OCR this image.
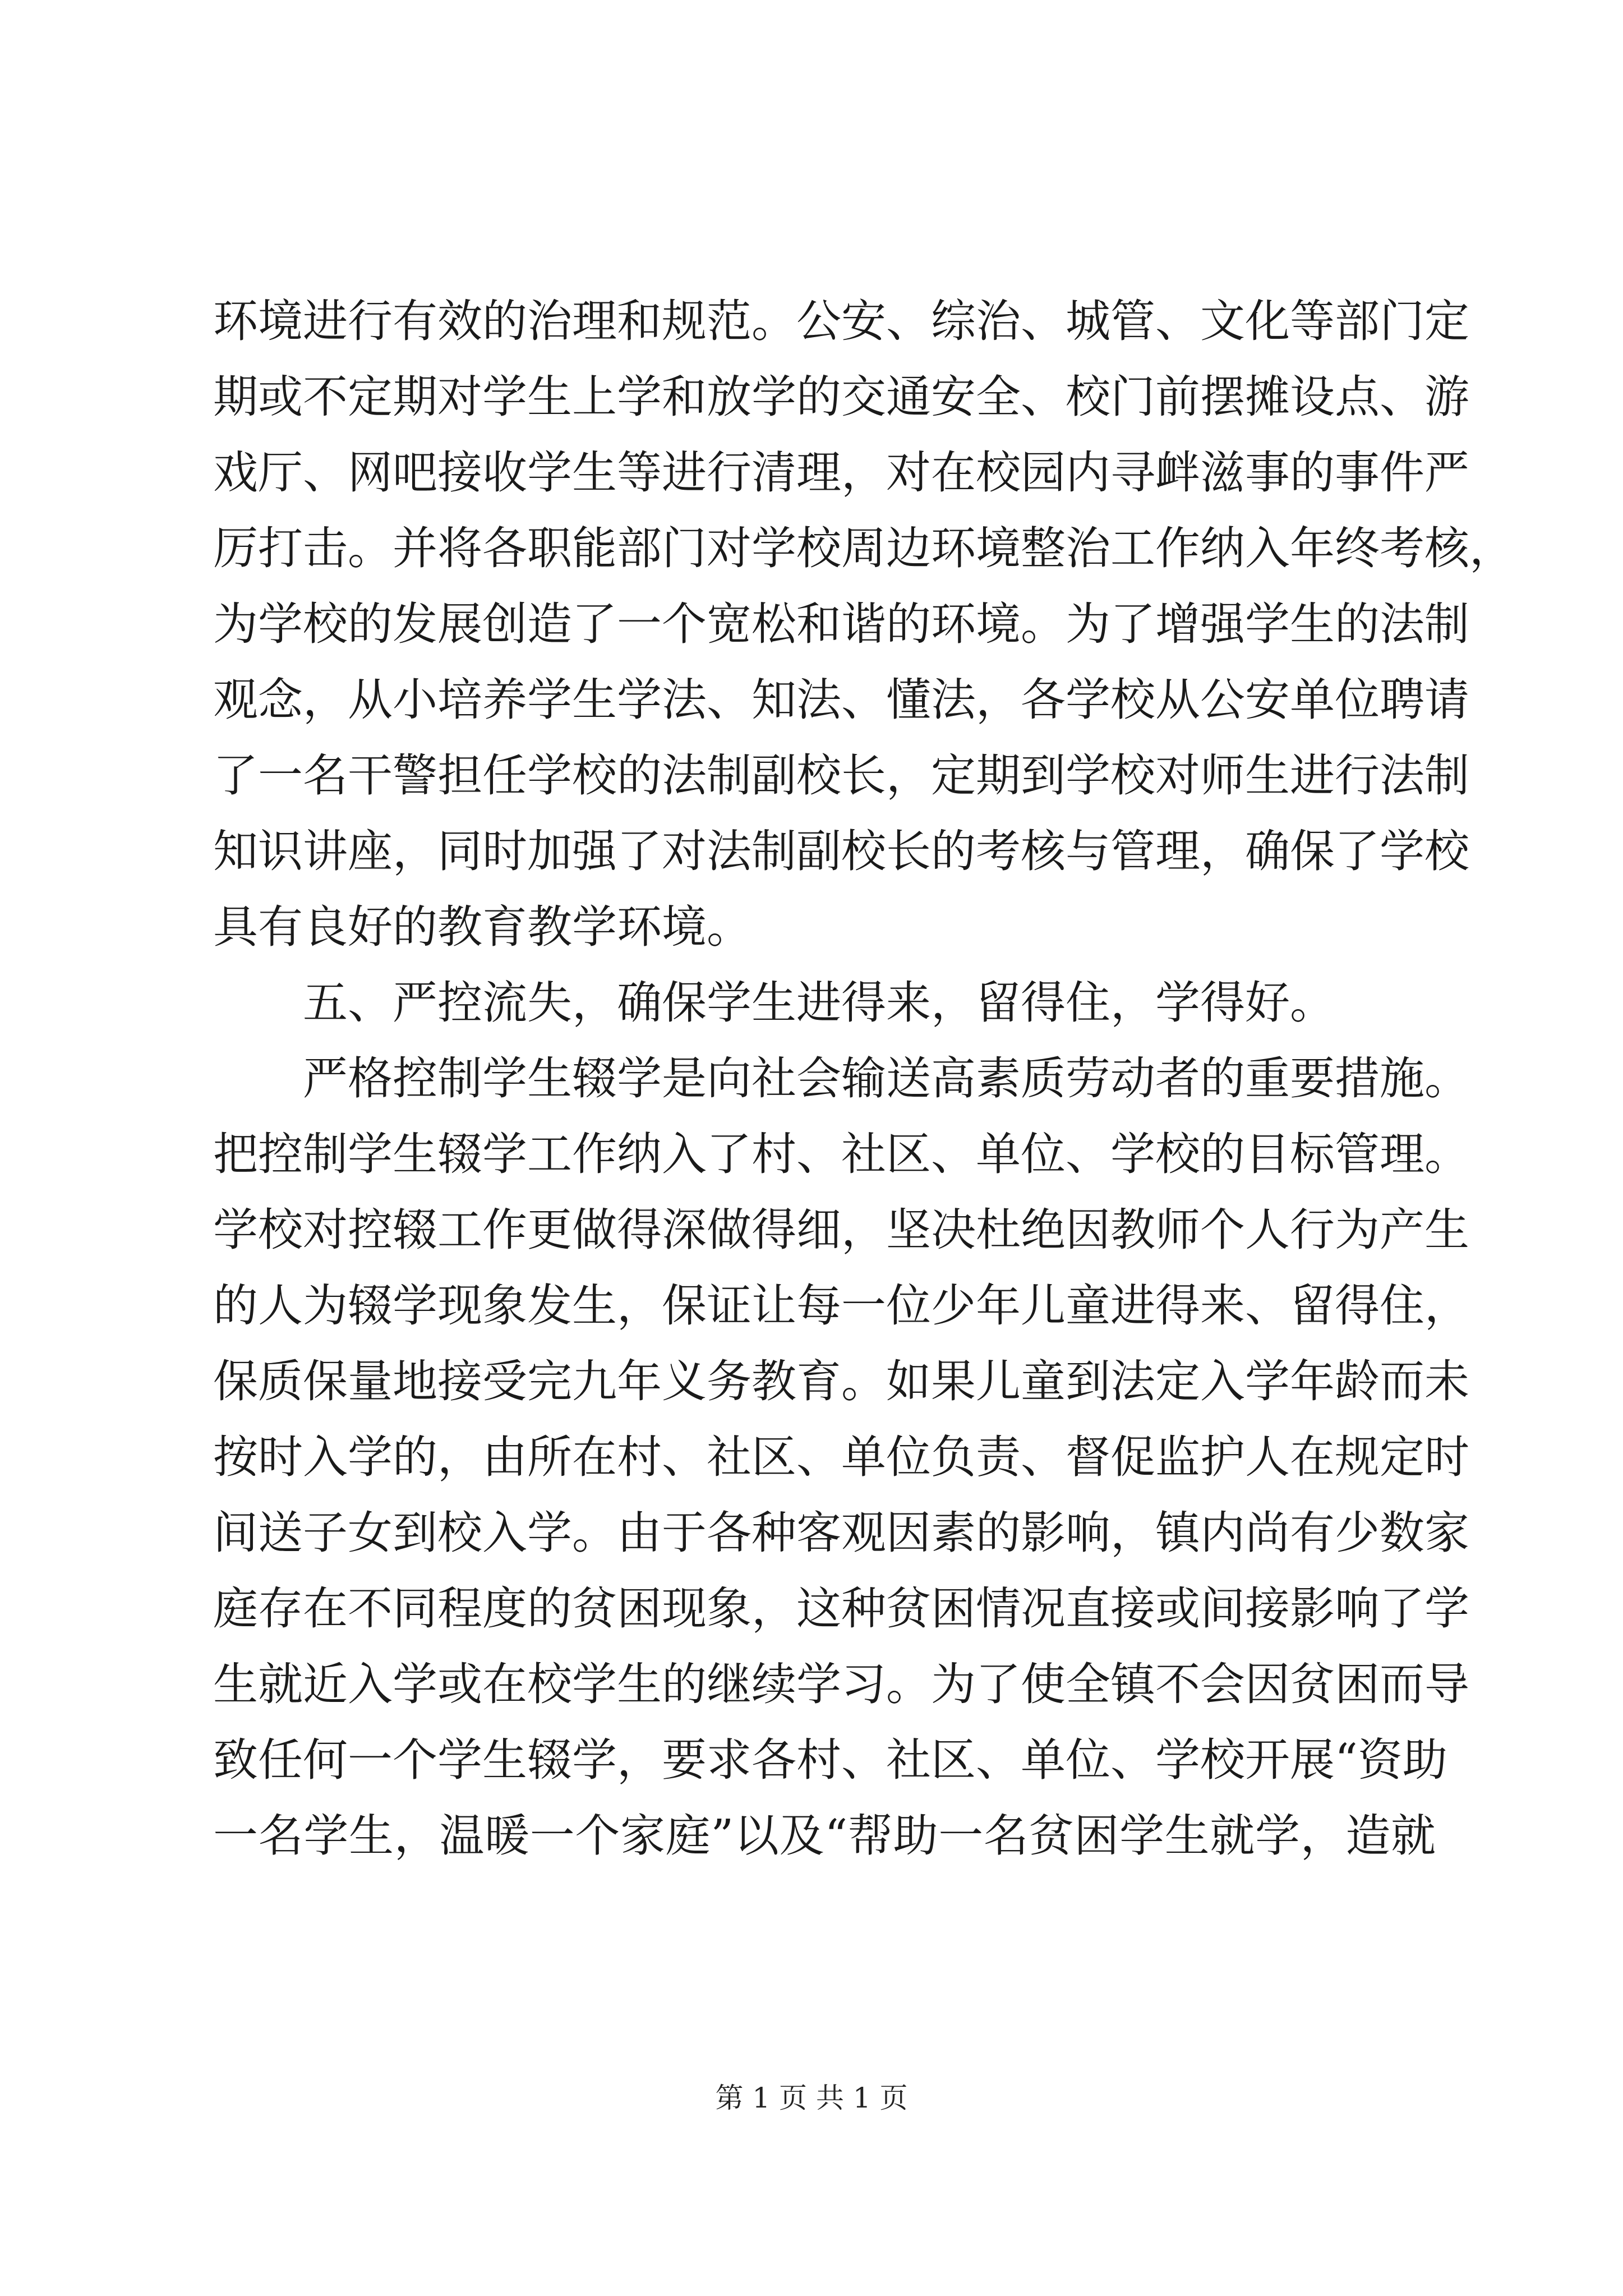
环境进行有效的治理和规范。公安、综治、城管、文化等部门定
期或不定期对学生上学和放学的交通安全、校门前摆摊设点、游
戏厅、网吧接收学生等进行清理，对在校园内寻衅滋事的事件严
厉打击。并将各职能部门对学校周边环境整治工作纳入年终考核，
为学校的发展创造了一个宽松和谐的环境。为了增强学生的法制
观念，从小培养学生学法、知法、懂法，各学校从公安单位聘请
了一名干警担任学校的法制副校长，定期到学校对师生进行法制
知识讲座，同时加强了对法制副校长的考核与管理，确保了学校
具有良好的教育教学环境。
　　五、严控流失，确保学生进得来，留得住，学得好。
　　严格控制学生辍学是向社会输送高素质劳动者的重要措施。
把控制学生辍学工作纳入了村、社区、单位、学校的目标管理。
学校对控辍工作更做得深做得细，坚决杜绝因教师个人行为产生
的人为辍学现象发生，保证让每一位少年儿童进得来、留得住，
保质保量地接受完九年义务教育。如果儿童到法定入学年龄而未
按时入学的，由所在村、社区、单位负责、督促监护人在规定时
间送子女到校入学。由于各种客观因素的影响，镇内尚有少数家
庭存在不同程度的贫困现象，这种贫困情况直接或间接影响了学
生就近入学或在校学生的继续学习。为了使全镇不会因贫困而导
致任何一个学生辍学，要求各村、社区、单位、学校开展“资助
一名学生，温暖一个家庭”以及“帮助一名贫困学生就学，造就
第 1 页 共 1 页
